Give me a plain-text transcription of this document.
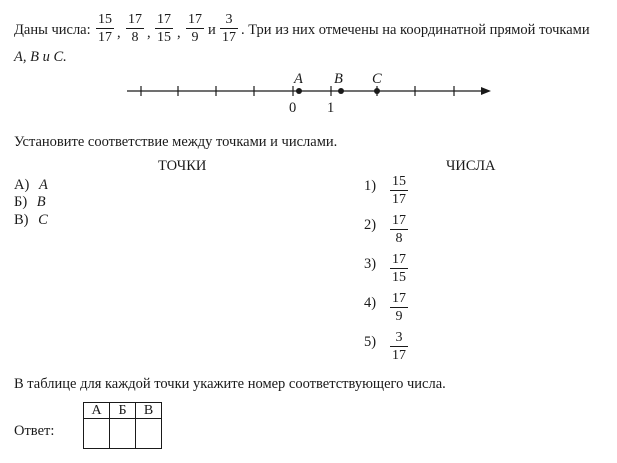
Даны числа:
15
17 ,
17
8 ,
17
15 ,
17
9 и
3
17 . Три из них отмечены на координатной прямой точками
A, B и C.
A B C
0 1
Установите соответствие между точками и числами.
ТОЧКИ	ЧИСЛА
А) A
Б) B
В) C
1) 15
17
2) 17
8
3) 17
15
4) 17
9
5) 3
17
В таблице для каждой точки укажите номер соответствующего числа.
Ответ:
А	Б	В
